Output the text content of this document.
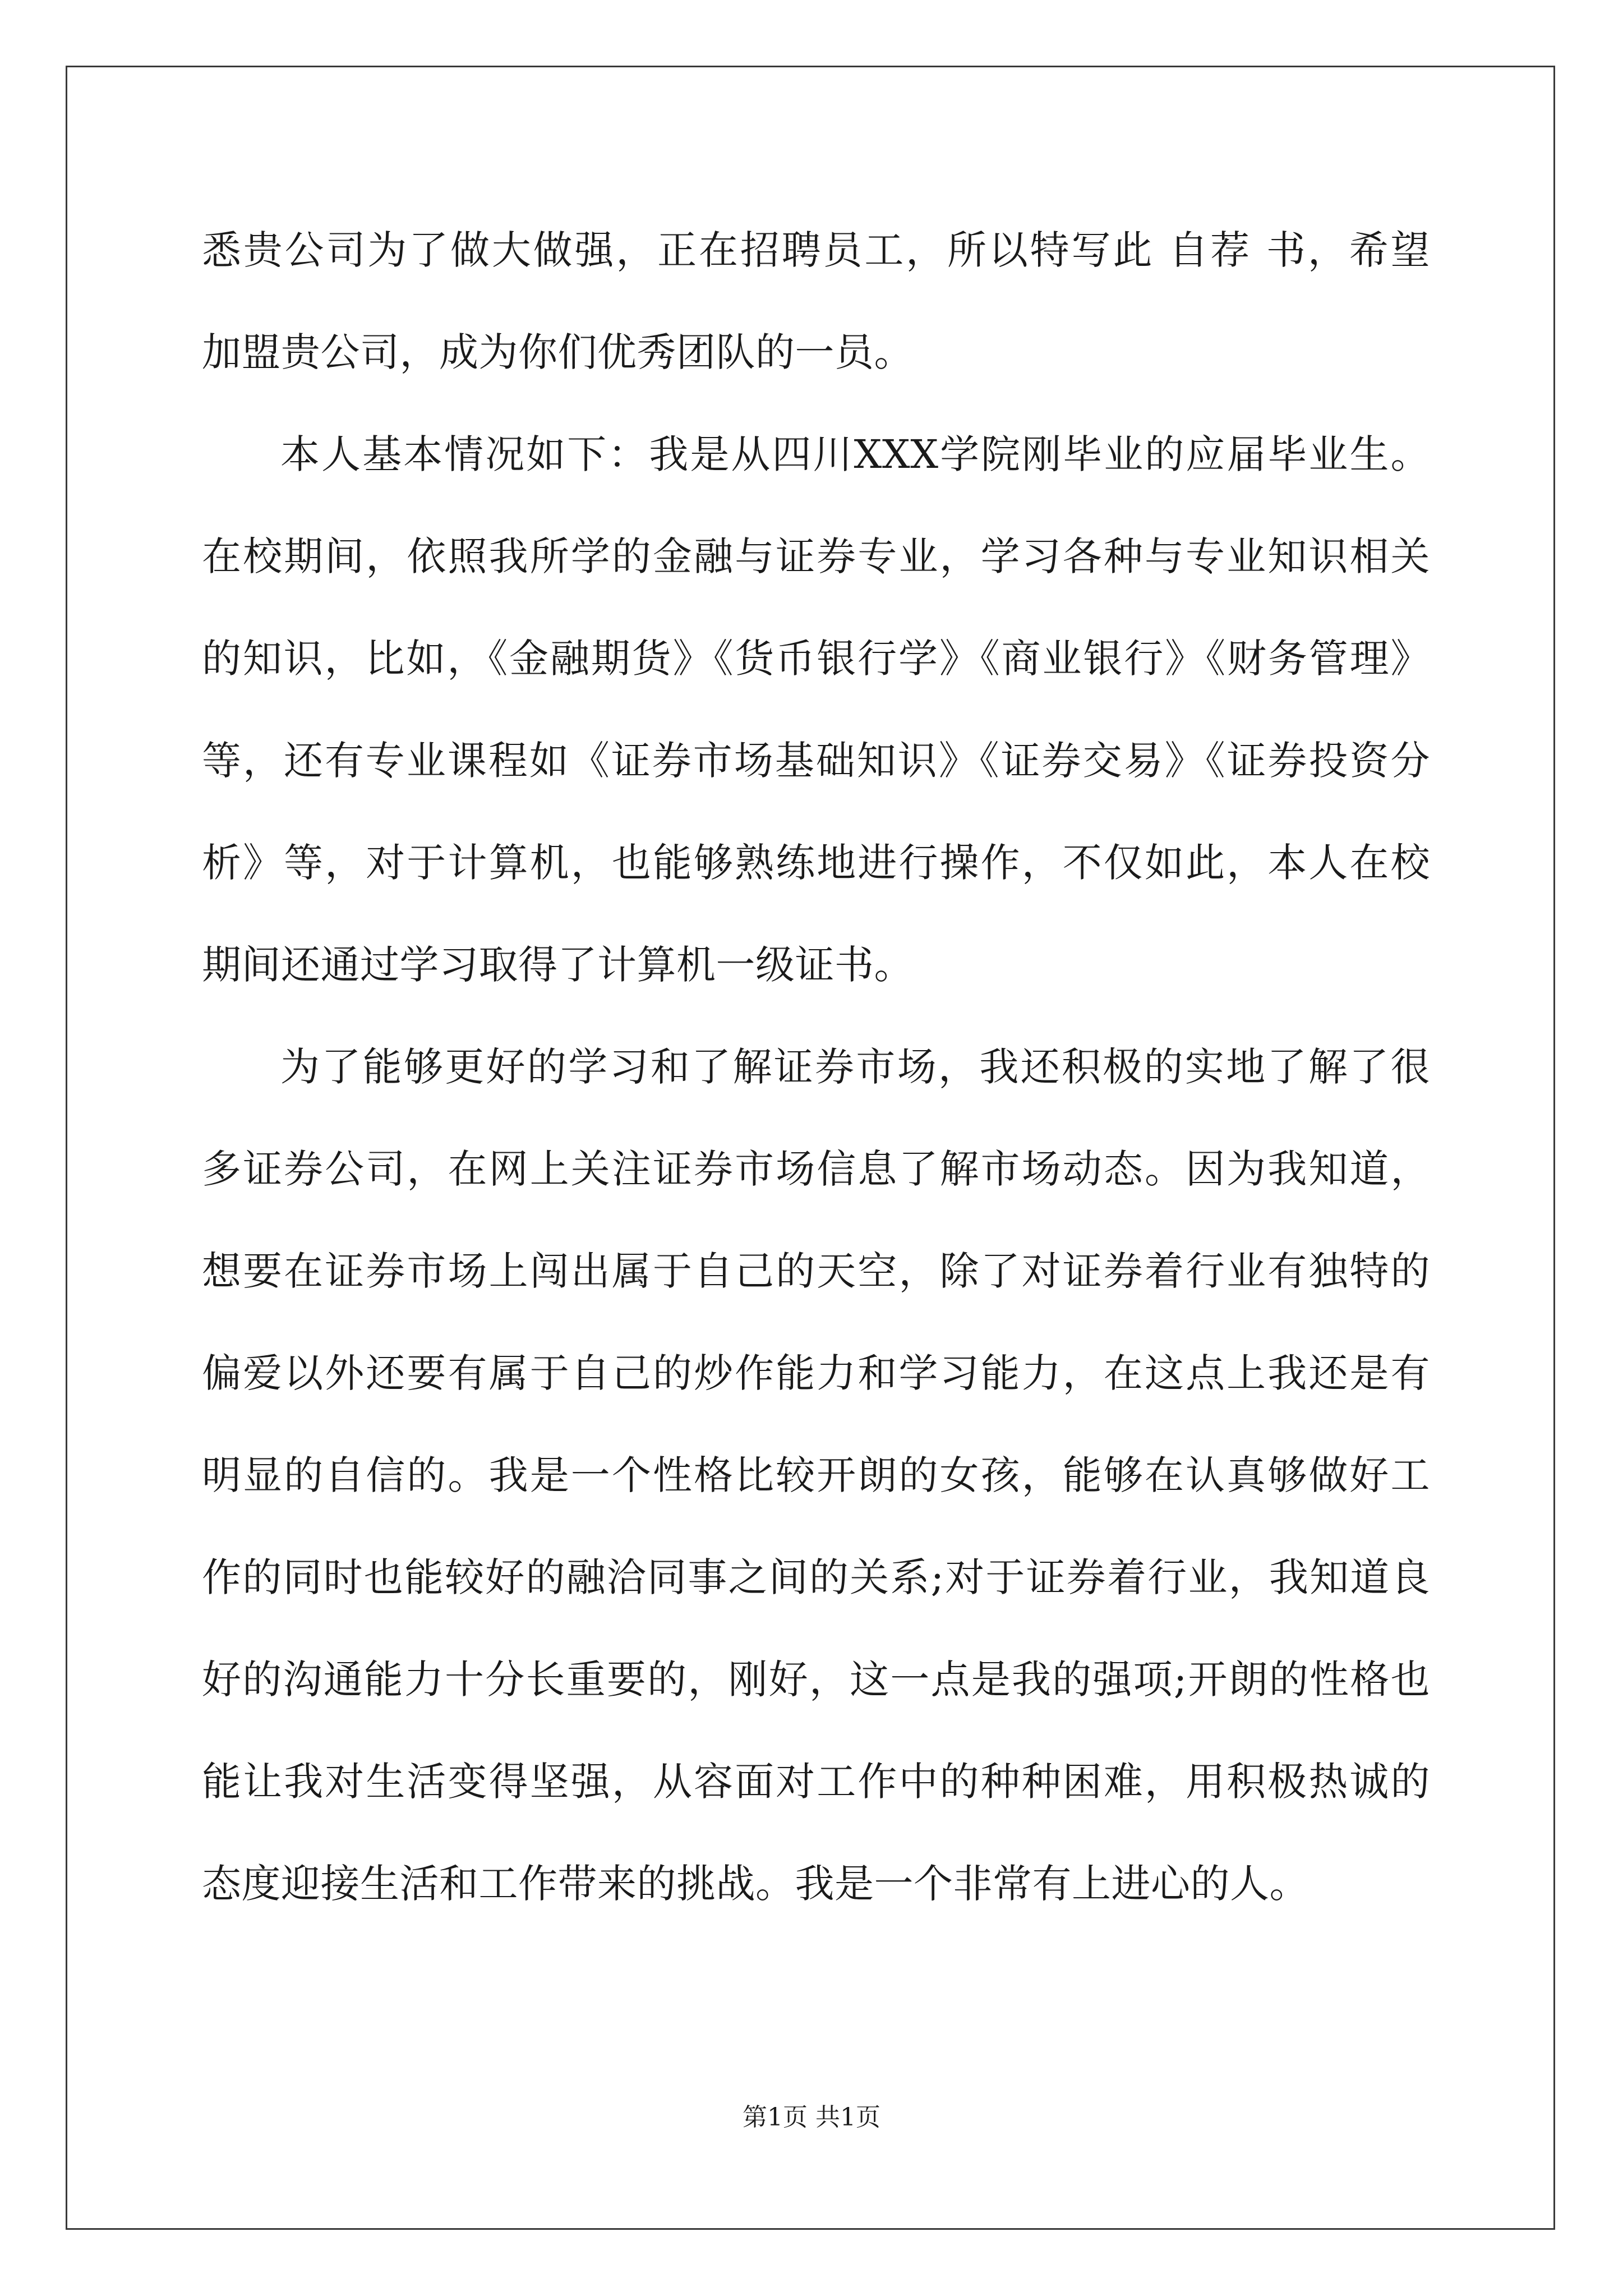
悉贵公司为了做大做强，正在招聘员工，所以特写此 自荐 书，希望
加盟贵公司，成为你们优秀团队的一员。
本人基本情况如下：我是从四川XXX学院刚毕业的应届毕业生。
在校期间，依照我所学的金融与证券专业，学习各种与专业知识相关
的知识，比如，《金融期货》《货币银行学》《商业银行》《财务管理》
等，还有专业课程如《证券市场基础知识》《证券交易》《证券投资分
析》等，对于计算机，也能够熟练地进行操作，不仅如此，本人在校
期间还通过学习取得了计算机一级证书。
为了能够更好的学习和了解证券市场，我还积极的实地了解了很
多证券公司，在网上关注证券市场信息了解市场动态。因为我知道，
想要在证券市场上闯出属于自己的天空，除了对证券着行业有独特的
偏爱以外还要有属于自己的炒作能力和学习能力，在这点上我还是有
明显的自信的。我是一个性格比较开朗的女孩，能够在认真够做好工
作的同时也能较好的融洽同事之间的关系;对于证券着行业，我知道良
好的沟通能力十分长重要的，刚好，这一点是我的强项;开朗的性格也
能让我对生活变得坚强，从容面对工作中的种种困难，用积极热诚的
态度迎接生活和工作带来的挑战。我是一个非常有上进心的人。
第1页 共1页
